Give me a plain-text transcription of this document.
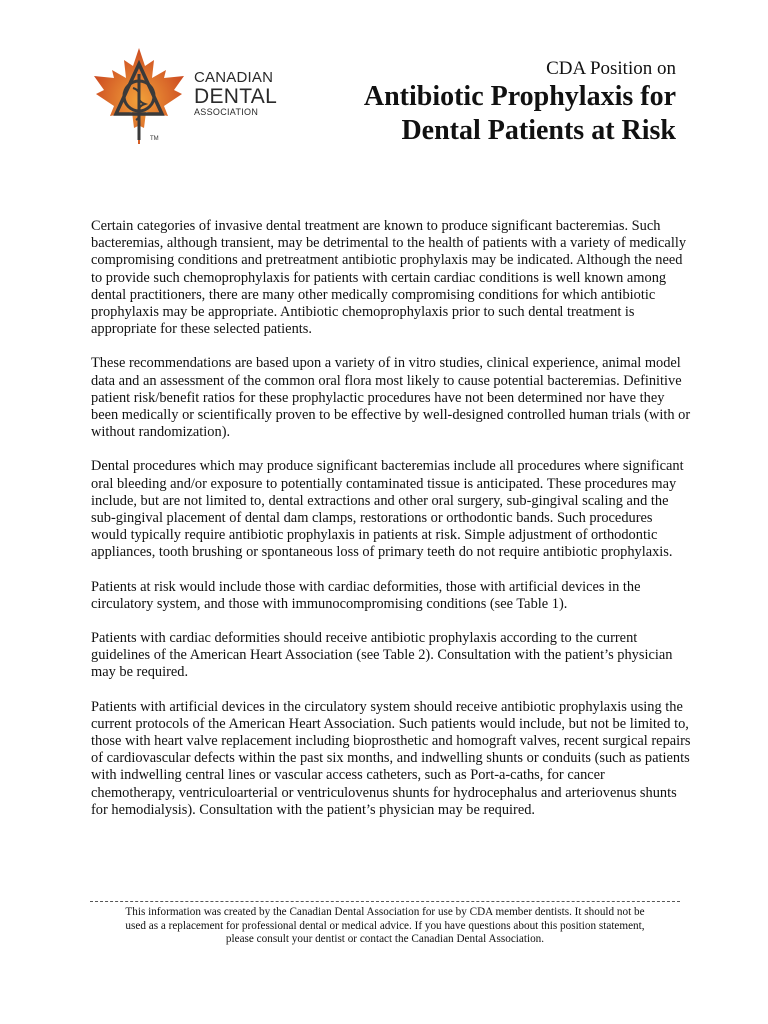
CANADIAN
DENTAL
ASSOCIATION
TM
CDA Position on
Antibiotic Prophylaxis for
Dental Patients at Risk

Certain categories of invasive dental treatment are known to produce significant bacteremias. Such bacteremias, although transient, may be detrimental to the health of patients with a variety of medically compromising conditions and pretreatment antibiotic prophylaxis may be indicated. Although the need to provide such chemoprophylaxis for patients with certain cardiac conditions is well known among dental practitioners, there are many other medically compromising conditions for which antibiotic prophylaxis may be appropriate. Antibiotic chemoprophylaxis prior to such dental treatment is appropriate for these selected patients.

These recommendations are based upon a variety of in vitro studies, clinical experience, animal model data and an assessment of the common oral flora most likely to cause potential bacteremias. Definitive patient risk/benefit ratios for these prophylactic procedures have not been determined nor have they been medically or scientifically proven to be effective by well-designed controlled human trials (with or without randomization).

Dental procedures which may produce significant bacteremias include all procedures where significant oral bleeding and/or exposure to potentially contaminated tissue is anticipated. These procedures may include, but are not limited to, dental extractions and other oral surgery, sub-gingival scaling and the sub-gingival placement of dental dam clamps, restorations or orthodontic bands. Such procedures would typically require antibiotic prophylaxis in patients at risk. Simple adjustment of orthodontic appliances, tooth brushing or spontaneous loss of primary teeth do not require antibiotic prophylaxis.

Patients at risk would include those with cardiac deformities, those with artificial devices in the circulatory system, and those with immunocompromising conditions (see Table 1).

Patients with cardiac deformities should receive antibiotic prophylaxis according to the current guidelines of the American Heart Association (see Table 2). Consultation with the patient’s physician may be required.

Patients with artificial devices in the circulatory system should receive antibiotic prophylaxis using the current protocols of the American Heart Association. Such patients would include, but not be limited to, those with heart valve replacement including bioprosthetic and homograft valves, recent surgical repairs of cardiovascular defects within the past six months, and indwelling shunts or conduits (such as patients with indwelling central lines or vascular access catheters, such as Port-a-caths, for cancer chemotherapy, ventriculoarterial or ventriculovenus shunts for hydrocephalus and arteriovenus shunts for hemodialysis). Consultation with the patient’s physician may be required.

This information was created by the Canadian Dental Association for use by CDA member dentists. It should not be
used as a replacement for professional dental or medical advice. If you have questions about this position statement,
please consult your dentist or contact the Canadian Dental Association.
